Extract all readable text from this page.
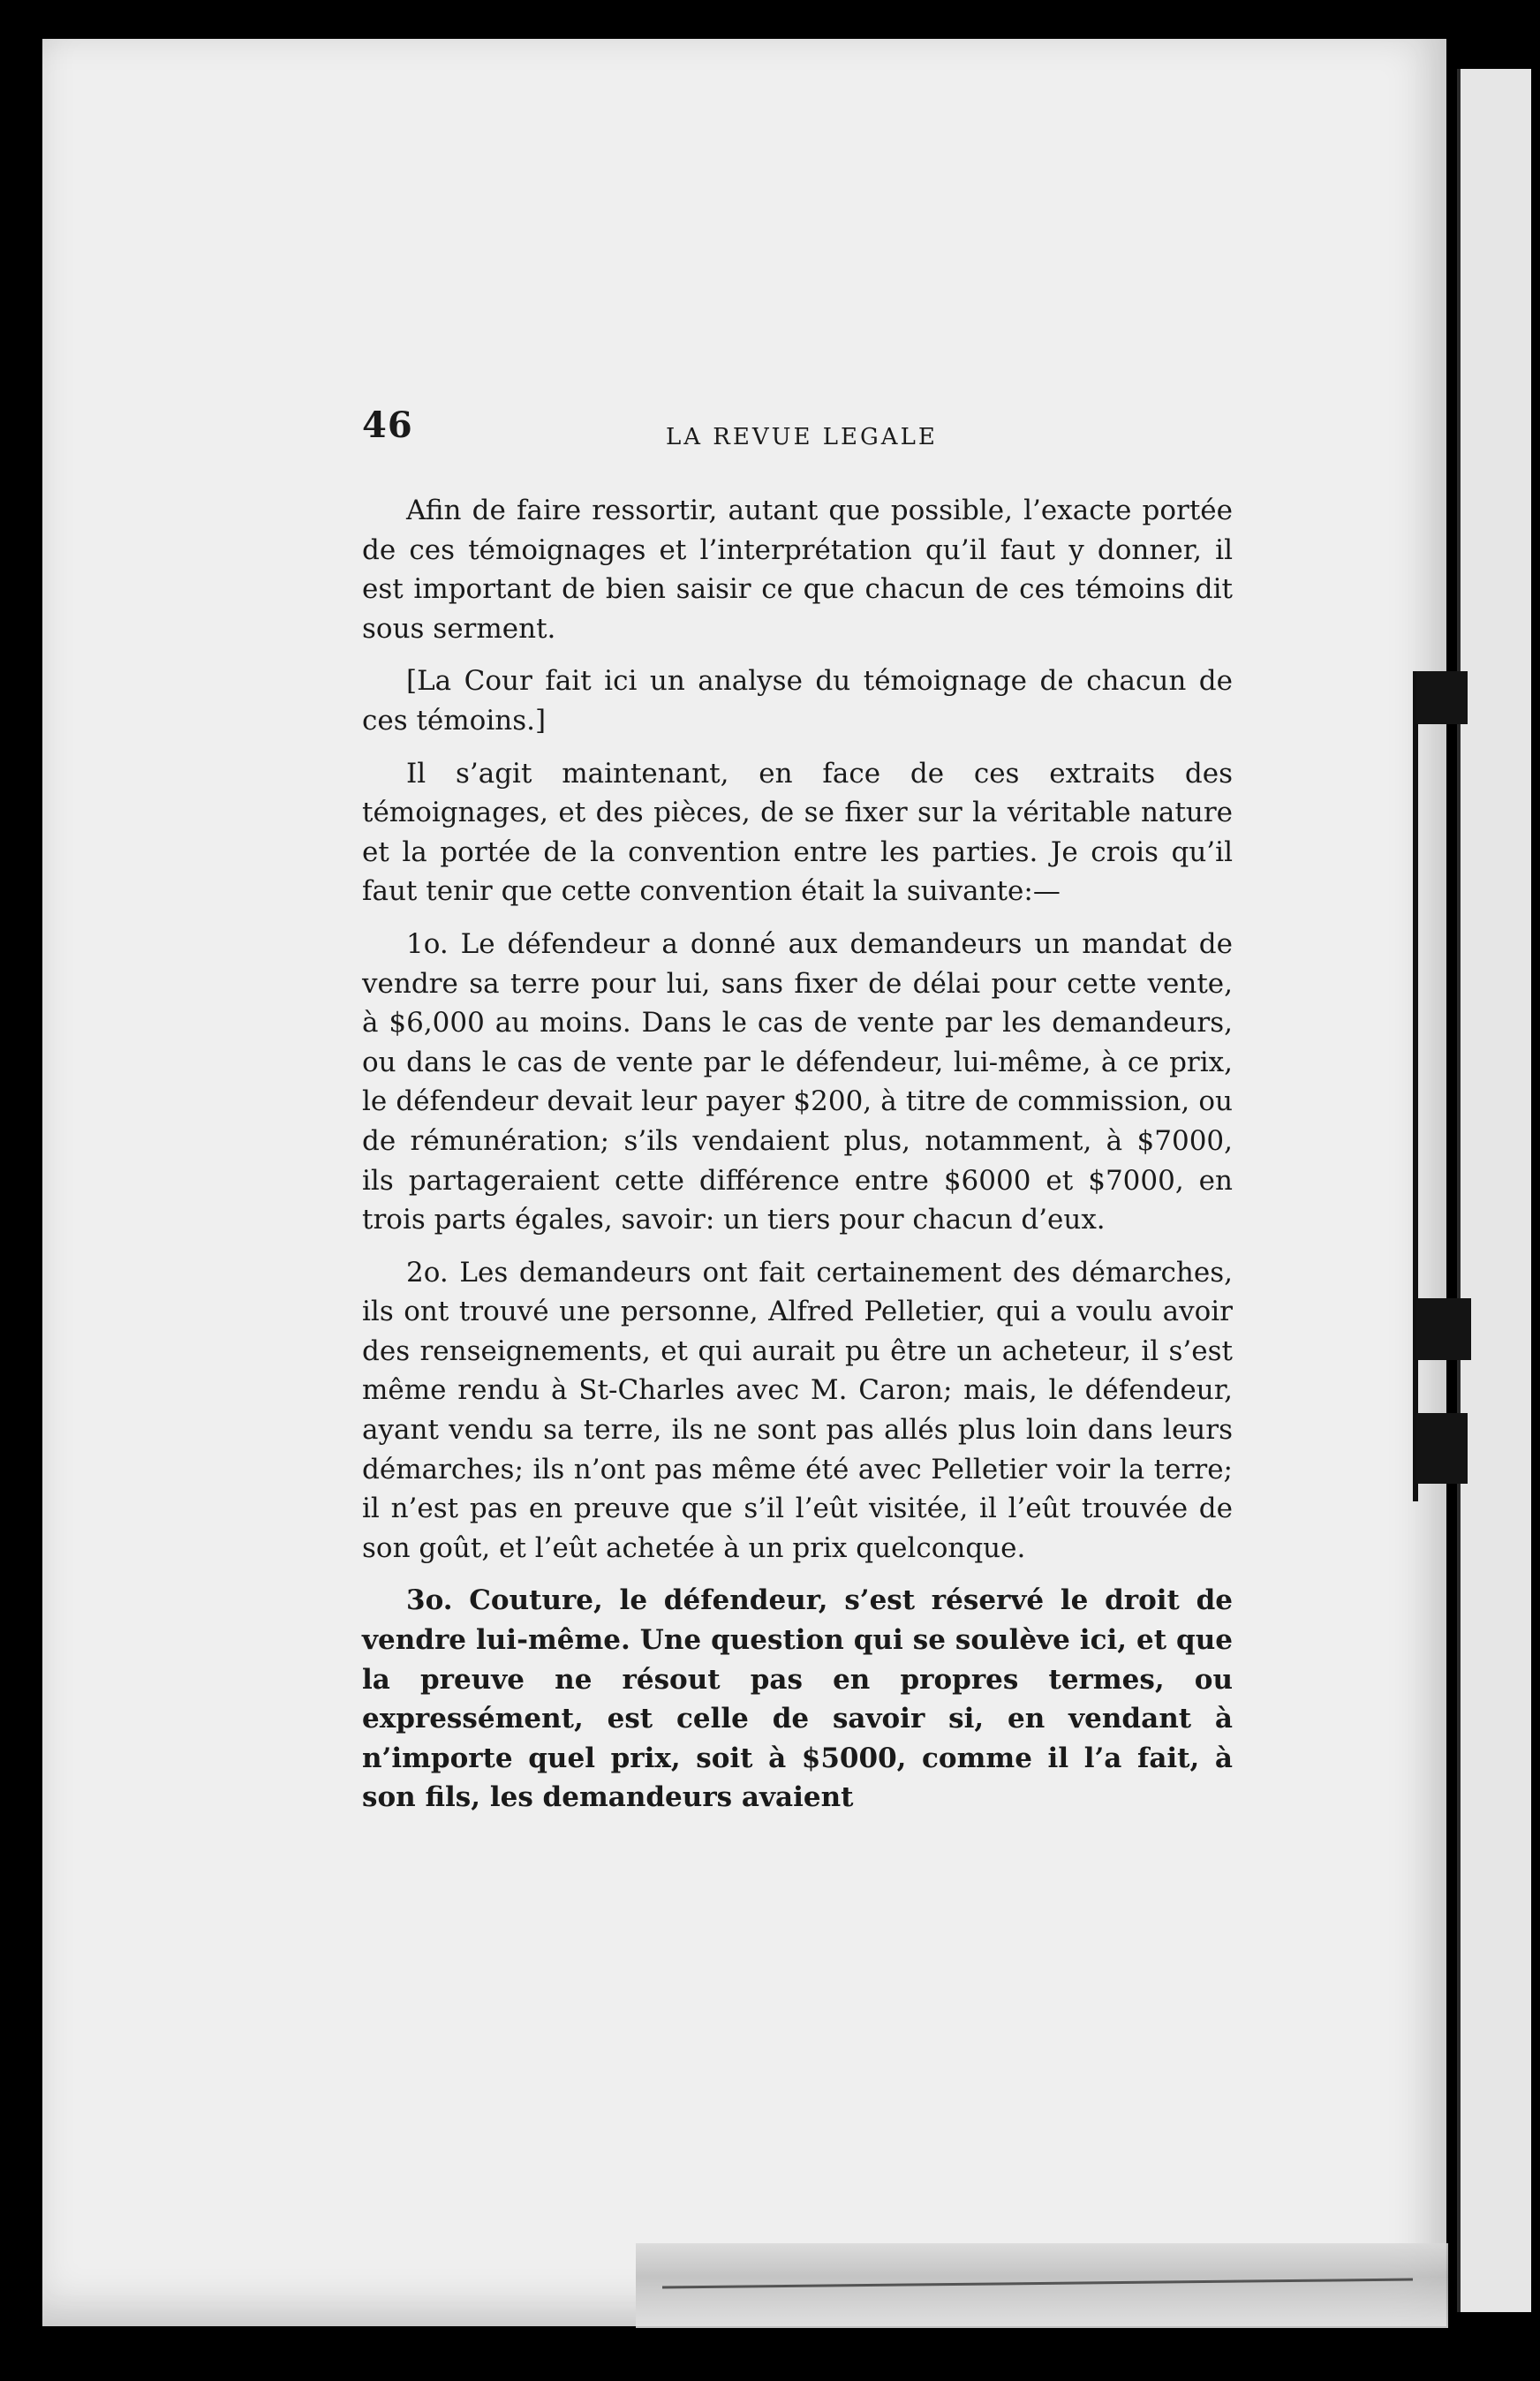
46	LA REVUE LEGALE

Afin de faire ressortir, autant que possible, l’exacte portée de ces témoignages et l’interprétation qu’il faut y donner, il est important de bien saisir ce que chacun de ces témoins dit sous serment.

[La Cour fait ici un analyse du témoignage de chacun de ces témoins.]

Il s’agit maintenant, en face de ces extraits des témoignages, et des pièces, de se fixer sur la véritable nature et la portée de la convention entre les parties. Je crois qu’il faut tenir que cette convention était la suivante:—

1o. Le défendeur a donné aux demandeurs un mandat de vendre sa terre pour lui, sans fixer de délai pour cette vente, à $6,000 au moins. Dans le cas de vente par les demandeurs, ou dans le cas de vente par le défendeur, lui-même, à ce prix, le défendeur devait leur payer $200, à titre de commission, ou de rémunération; s’ils vendaient plus, notamment, à $7000, ils partageraient cette différence entre $6000 et $7000, en trois parts égales, savoir: un tiers pour chacun d’eux.

2o. Les demandeurs ont fait certainement des démarches, ils ont trouvé une personne, Alfred Pelletier, qui a voulu avoir des renseignements, et qui aurait pu être un acheteur, il s’est même rendu à St-Charles avec M. Caron; mais, le défendeur, ayant vendu sa terre, ils ne sont pas allés plus loin dans leurs démarches; ils n’ont pas même été avec Pelletier voir la terre; il n’est pas en preuve que s’il l’eût visitée, il l’eût trouvée de son goût, et l’eût achetée à un prix quelconque.

3o. Couture, le défendeur, s’est réservé le droit de vendre lui-même. Une question qui se soulève ici, et que la preuve ne résout pas en propres termes, ou expressément, est celle de savoir si, en vendant à n’importe quel prix, soit à $5000, comme il l’a fait, à son fils, les demandeurs avaient
